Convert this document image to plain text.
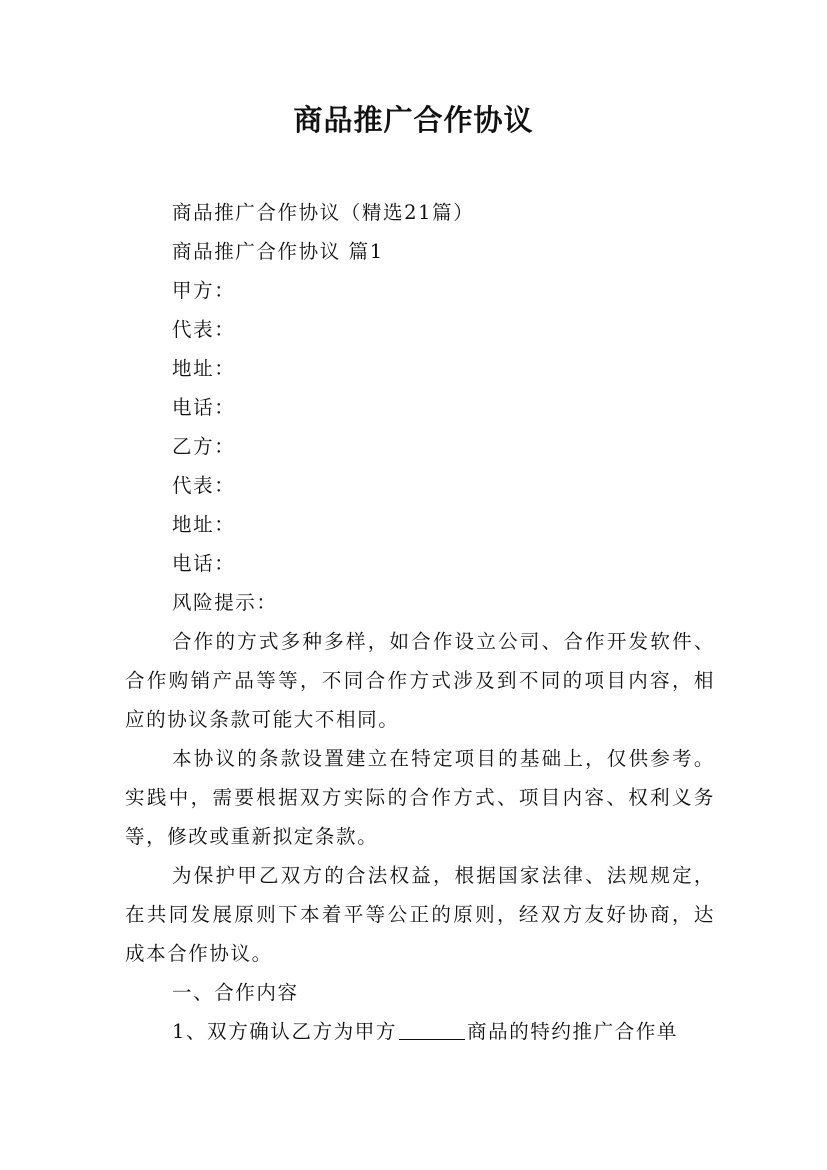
商品推广合作协议

商品推广合作协议（精选21篇）

商品推广合作协议 篇1

甲方：

代表：

地址：

电话：

乙方：

代表：

地址：

电话：

风险提示：

合作的方式多种多样，如合作设立公司、合作开发软件、合作购销产品等等，不同合作方式涉及到不同的项目内容，相应的协议条款可能大不相同。

本协议的条款设置建立在特定项目的基础上，仅供参考。实践中，需要根据双方实际的合作方式、项目内容、权利义务等，修改或重新拟定条款。

为保护甲乙双方的合法权益，根据国家法律、法规规定，在共同发展原则下本着平等公正的原则，经双方友好协商，达成本合作协议。

一、合作内容

1、双方确认乙方为甲方	商品的特约推广合作单
